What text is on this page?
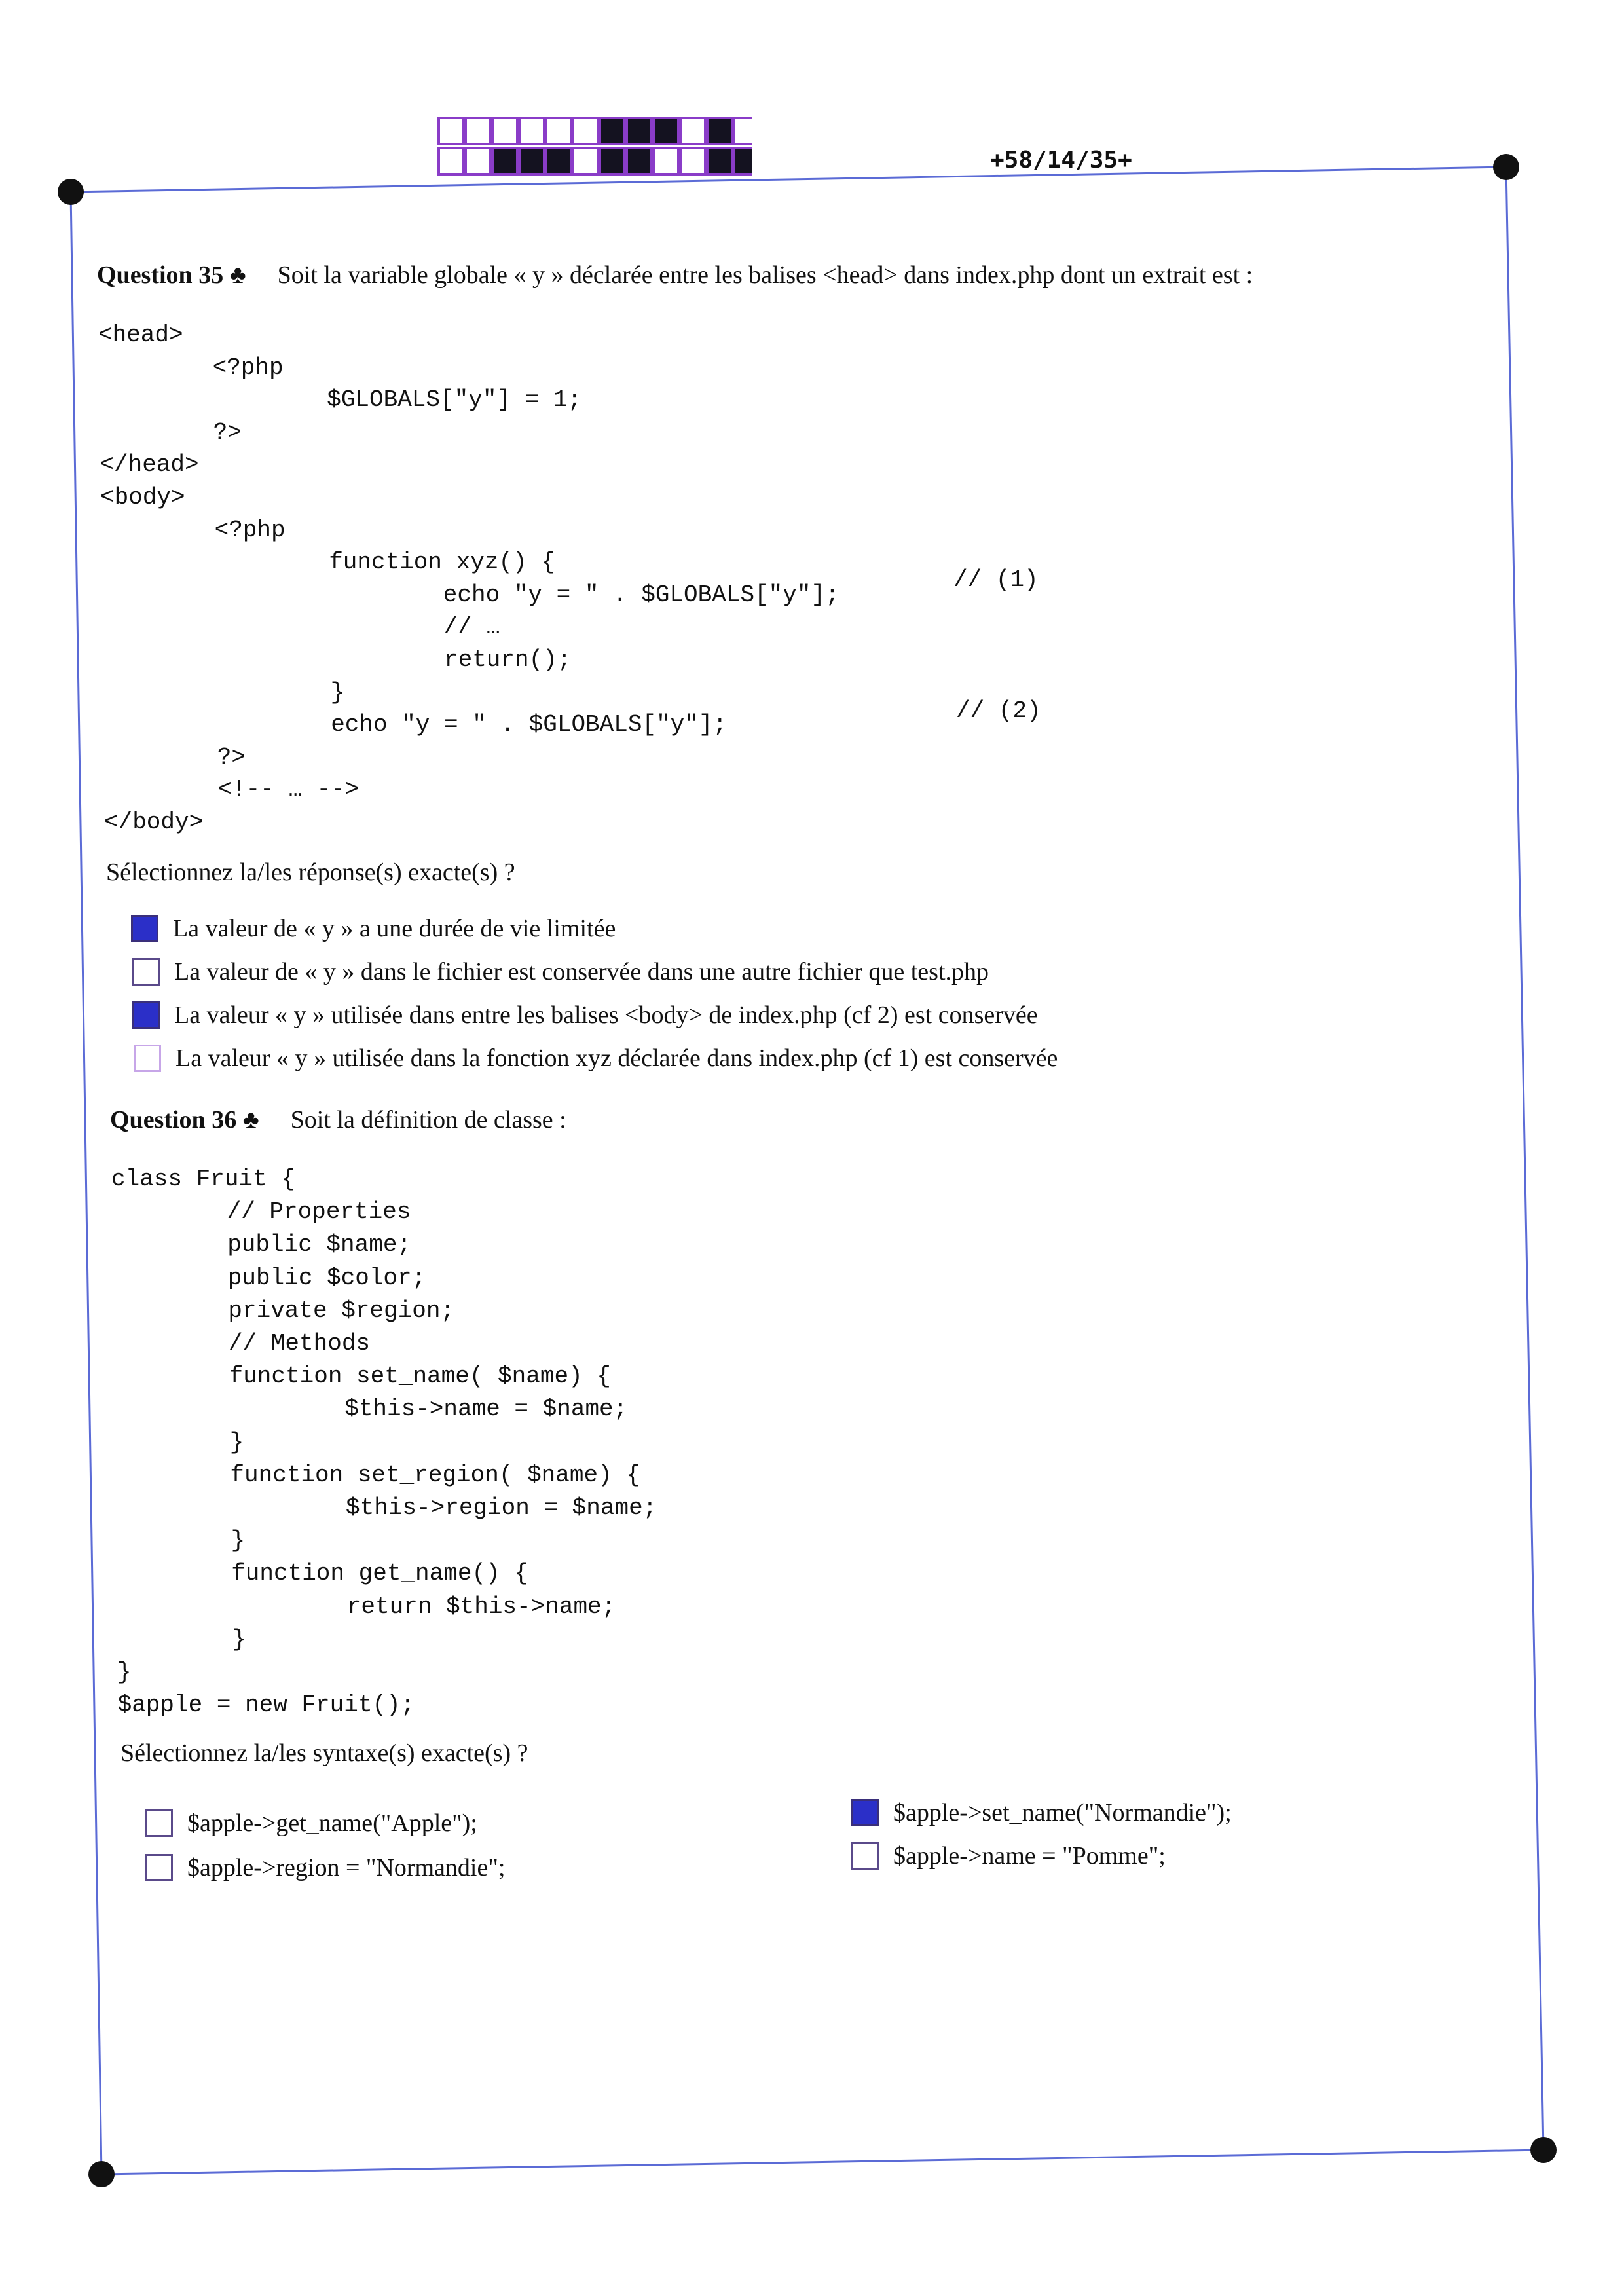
+58/14/35+
Question 35 ♣ Soit la variable globale « y » déclarée entre les balises <head> dans index.php dont un extrait est :
<head>
<?php
$GLOBALS["y"] = 1;
?>
</head>
<body>
<?php
function xyz() {
echo "y = " . $GLOBALS["y"];
// …
return();
}
echo "y = " . $GLOBALS["y"];
?>
<!-- … -->
</body>
// (1)
// (2)
Sélectionnez la/les réponse(s) exacte(s) ?
La valeur de « y » a une durée de vie limitée
La valeur de « y » dans le fichier est conservée dans une autre fichier que test.php
La valeur « y » utilisée dans entre les balises <body> de index.php (cf 2) est conservée
La valeur « y » utilisée dans la fonction xyz déclarée dans index.php (cf 1) est conservée
Question 36 ♣ Soit la définition de classe :
class Fruit {
// Properties
public $name;
public $color;
private $region;
// Methods
function set_name( $name) {
$this->name = $name;
}
function set_region( $name) {
$this->region = $name;
}
function get_name() {
return $this->name;
}
}
$apple = new Fruit();
Sélectionnez la/les syntaxe(s) exacte(s) ?
$apple->get_name("Apple");
$apple->region = "Normandie";
$apple->set_name("Normandie");
$apple->name = "Pomme";
